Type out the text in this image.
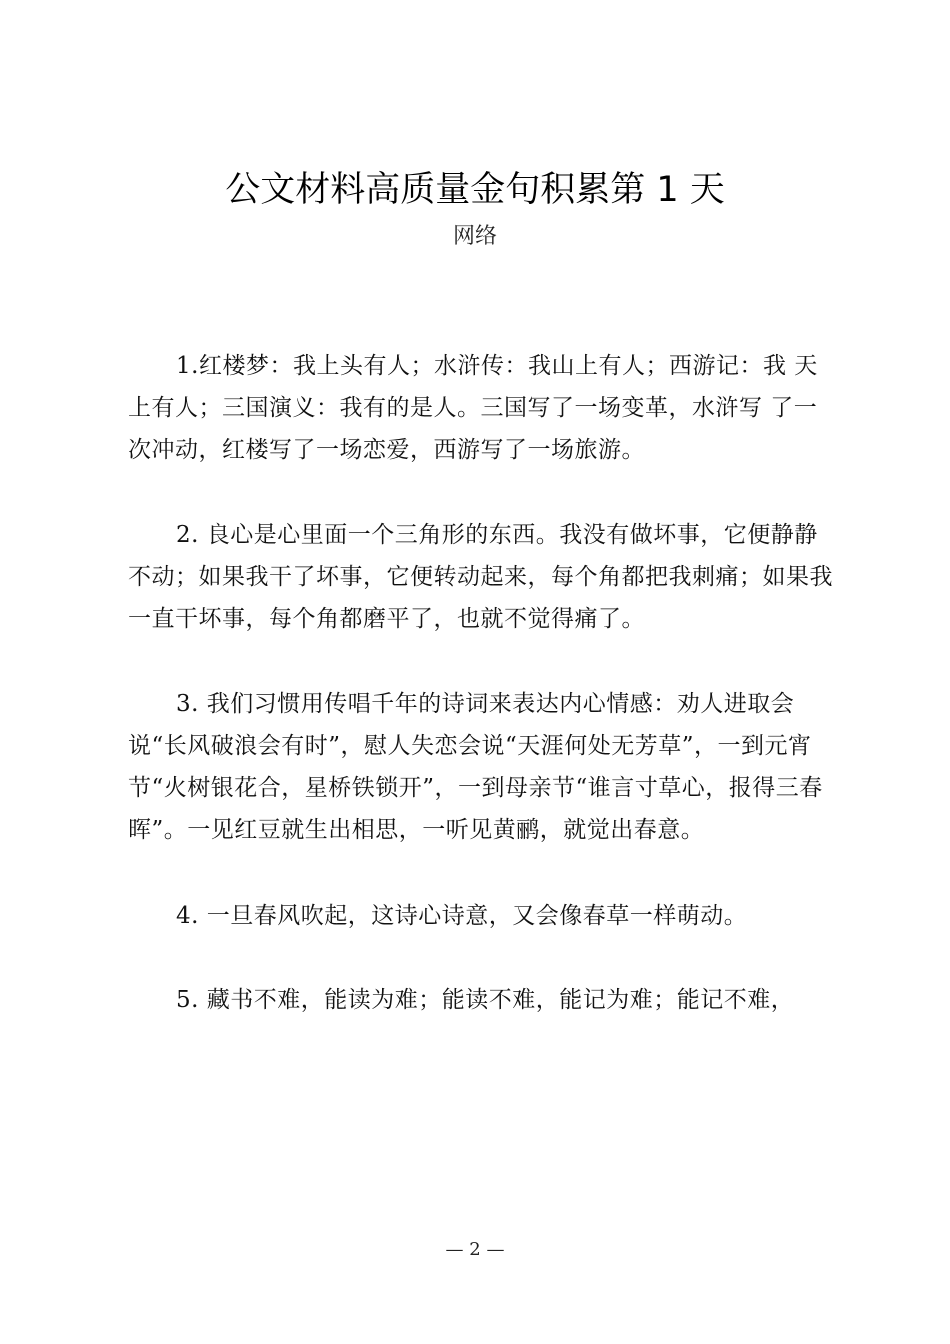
公文材料高质量金句积累第 1 天
网络

1.红楼梦：我上头有人；水浒传：我山上有人；西游记：我 天上有人；三国演义：我有的是人。三国写了一场变革，水浒写 了一次冲动，红楼写了一场恋爱，西游写了一场旅游。

2. 良心是心里面一个三角形的东西。我没有做坏事，它便静静不动；如果我干了坏事，它便转动起来，每个角都把我刺痛；如果我一直干坏事，每个角都磨平了，也就不觉得痛了。

3. 我们习惯用传唱千年的诗词来表达内心情感：劝人进取会说“长风破浪会有时”，慰人失恋会说“天涯何处无芳草”，一到元宵节“火树银花合，星桥铁锁开”，一到母亲节“谁言寸草心，报得三春晖”。一见红豆就生出相思，一听见黄鹂，就觉出春意。

4. 一旦春风吹起，这诗心诗意，又会像春草一样萌动。

5. 藏书不难，能读为难；能读不难，能记为难；能记不难，

— 2 —
